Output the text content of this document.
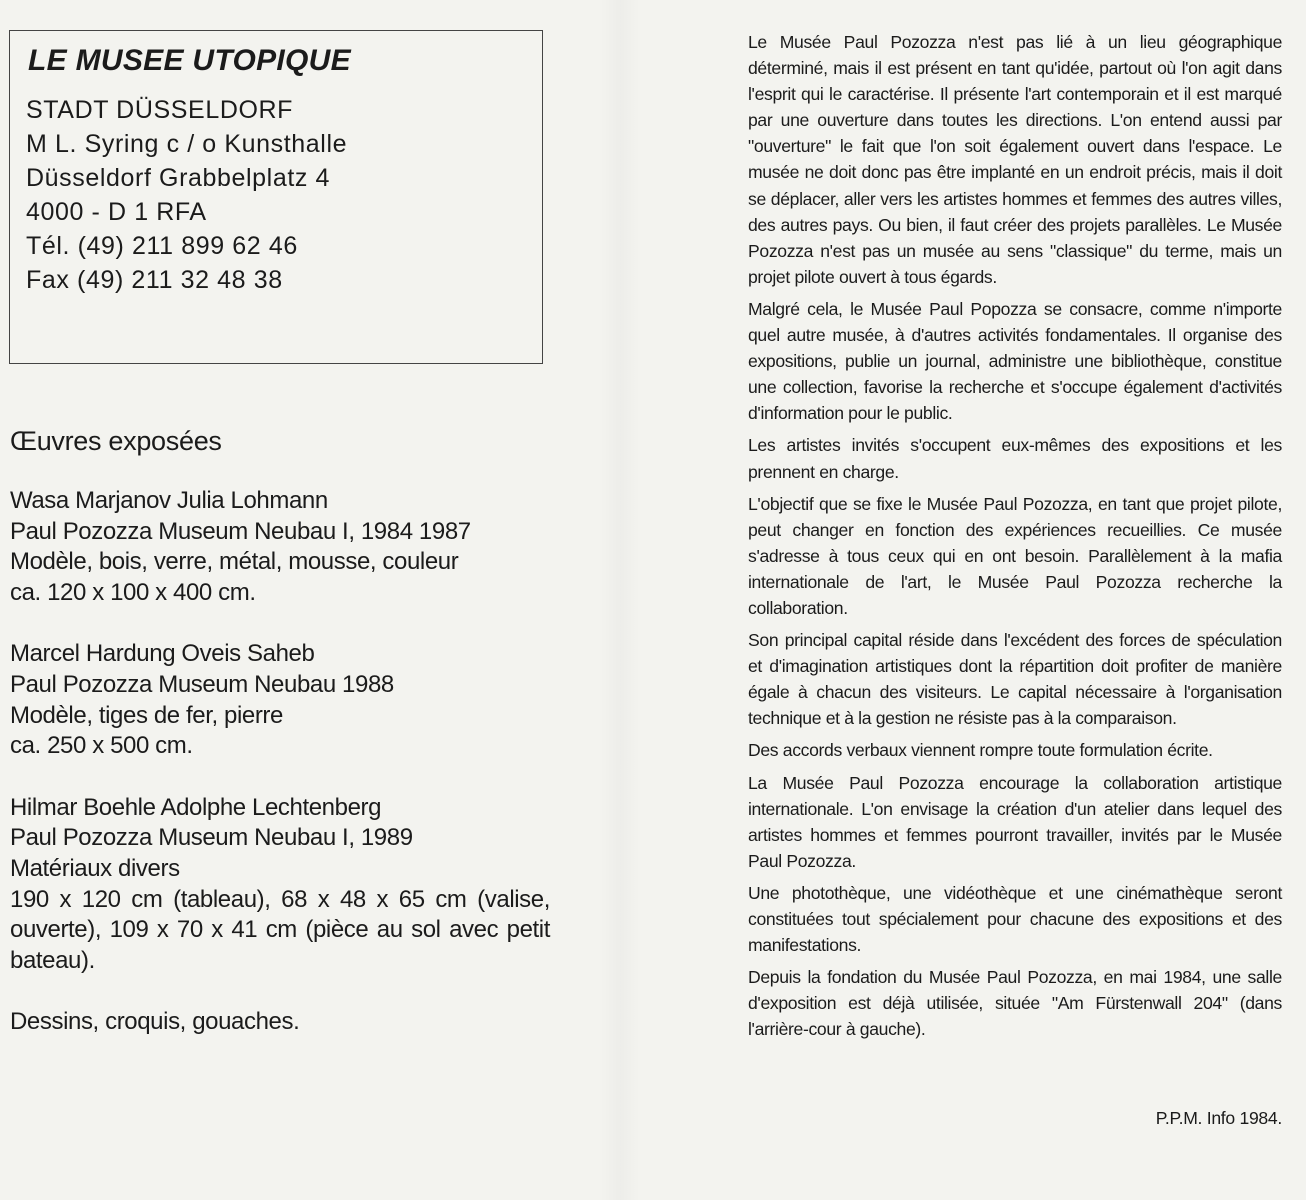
LE MUSEE UTOPIQUE
STADT DÜSSELDORF
M L. Syring c / o Kunsthalle
Düsseldorf Grabbelplatz 4
4000 - D 1 RFA
Tél. (49) 211 899 62 46
Fax (49) 211 32 48 38
Œuvres exposées
Wasa Marjanov Julia Lohmann
Paul Pozozza Museum Neubau I, 1984 1987
Modèle, bois, verre, métal, mousse, couleur
ca. 120 x 100 x 400 cm.
Marcel Hardung Oveis Saheb
Paul Pozozza Museum Neubau 1988
Modèle, tiges de fer, pierre
ca. 250 x 500 cm.
Hilmar Boehle Adolphe Lechtenberg
Paul Pozozza Museum Neubau I, 1989
Matériaux divers
190 x 120 cm (tableau), 68 x 48 x 65 cm (valise, ouverte), 109 x 70 x 41 cm (pièce au sol avec petit bateau).
Dessins, croquis, gouaches.

Le Musée Paul Pozozza n'est pas lié à un lieu géographique déterminé, mais il est présent en tant qu'idée, partout où l'on agit dans l'esprit qui le caractérise. Il présente l'art contemporain et il est marqué par une ouverture dans toutes les directions. L'on entend aussi par "ouverture" le fait que l'on soit également ouvert dans l'espace. Le musée ne doit donc pas être implanté en un endroit précis, mais il doit se déplacer, aller vers les artistes hommes et femmes des autres villes, des autres pays. Ou bien, il faut créer des projets parallèles. Le Musée Pozozza n'est pas un musée au sens "classique" du terme, mais un projet pilote ouvert à tous égards.

Malgré cela, le Musée Paul Popozza se consacre, comme n'importe quel autre musée, à d'autres activités fondamentales. Il organise des expositions, publie un journal, administre une bibliothèque, constitue une collection, favorise la recherche et s'occupe également d'activités d'information pour le public.

Les artistes invités s'occupent eux-mêmes des expositions et les prennent en charge.

L'objectif que se fixe le Musée Paul Pozozza, en tant que projet pilote, peut changer en fonction des expériences recueillies. Ce musée s'adresse à tous ceux qui en ont besoin. Parallèlement à la mafia internationale de l'art, le Musée Paul Pozozza recherche la collaboration.

Son principal capital réside dans l'excédent des forces de spéculation et d'imagination artistiques dont la répartition doit profiter de manière égale à chacun des visiteurs. Le capital nécessaire à l'organisation technique et à la gestion ne résiste pas à la comparaison.

Des accords verbaux viennent rompre toute formulation écrite.

La Musée Paul Pozozza encourage la collaboration artistique internationale. L'on envisage la création d'un atelier dans lequel des artistes hommes et femmes pourront travailler, invités par le Musée Paul Pozozza.

Une photothèque, une vidéothèque et une cinémathèque seront constituées tout spécialement pour chacune des expositions et des manifestations.

Depuis la fondation du Musée Paul Pozozza, en mai 1984, une salle d'exposition est déjà utilisée, située "Am Fürstenwall 204" (dans l'arrière-cour à gauche).

P.P.M. Info 1984.
